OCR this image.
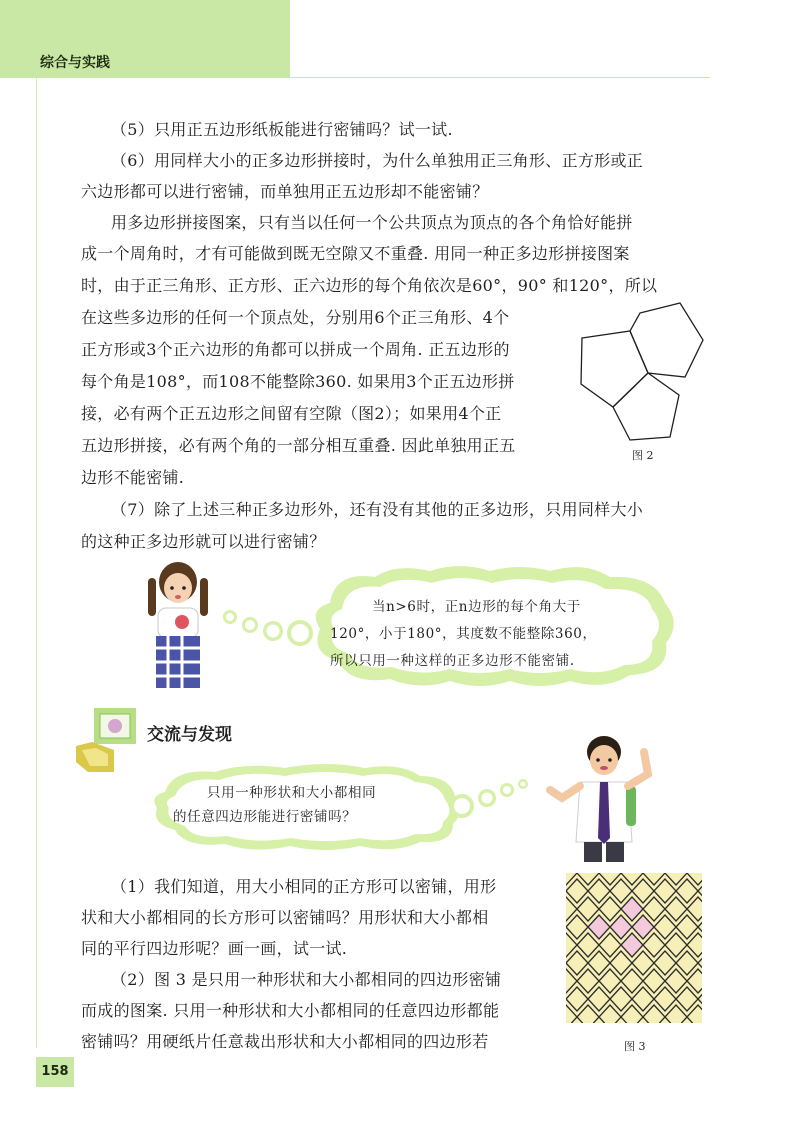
综合与实践

（5）只用正五边形纸板能进行密铺吗？试一试.

（6）用同样大小的正多边形拼接时，为什么单独用正三角形、正方形或正

六边形都可以进行密铺，而单独用正五边形却不能密铺？

用多边形拼接图案，只有当以任何一个公共顶点为顶点的各个角恰好能拼

成一个周角时，才有可能做到既无空隙又不重叠. 用同一种正多边形拼接图案

时，由于正三角形、正方形、正六边形的每个角依次是60°，90° 和120°，所以

在这些多边形的任何一个顶点处，分别用6个正三角形、4个

正方形或3个正六边形的角都可以拼成一个周角. 正五边形的

每个角是108°，而108不能整除360. 如果用3个正五边形拼

接，必有两个正五边形之间留有空隙（图2）；如果用4个正

五边形拼接，必有两个角的一部分相互重叠. 因此单独用正五

边形不能密铺.

（7）除了上述三种正多边形外，还有没有其他的正多边形，只用同样大小

的这种正多边形就可以进行密铺？

图 2

当n>6时，正n边形的每个角大于

120°，小于180°，其度数不能整除360，

所以只用一种这样的正多边形不能密铺.

交流与发现

只用一种形状和大小都相同

的任意四边形能进行密铺吗？

（1）我们知道，用大小相同的正方形可以密铺，用形

状和大小都相同的长方形可以密铺吗？用形状和大小都相

同的平行四边形呢？画一画，试一试.

（2）图 3 是只用一种形状和大小都相同的四边形密铺

而成的图案. 只用一种形状和大小都相同的任意四边形都能

密铺吗？用硬纸片任意裁出形状和大小都相同的四边形若	图 3
158
